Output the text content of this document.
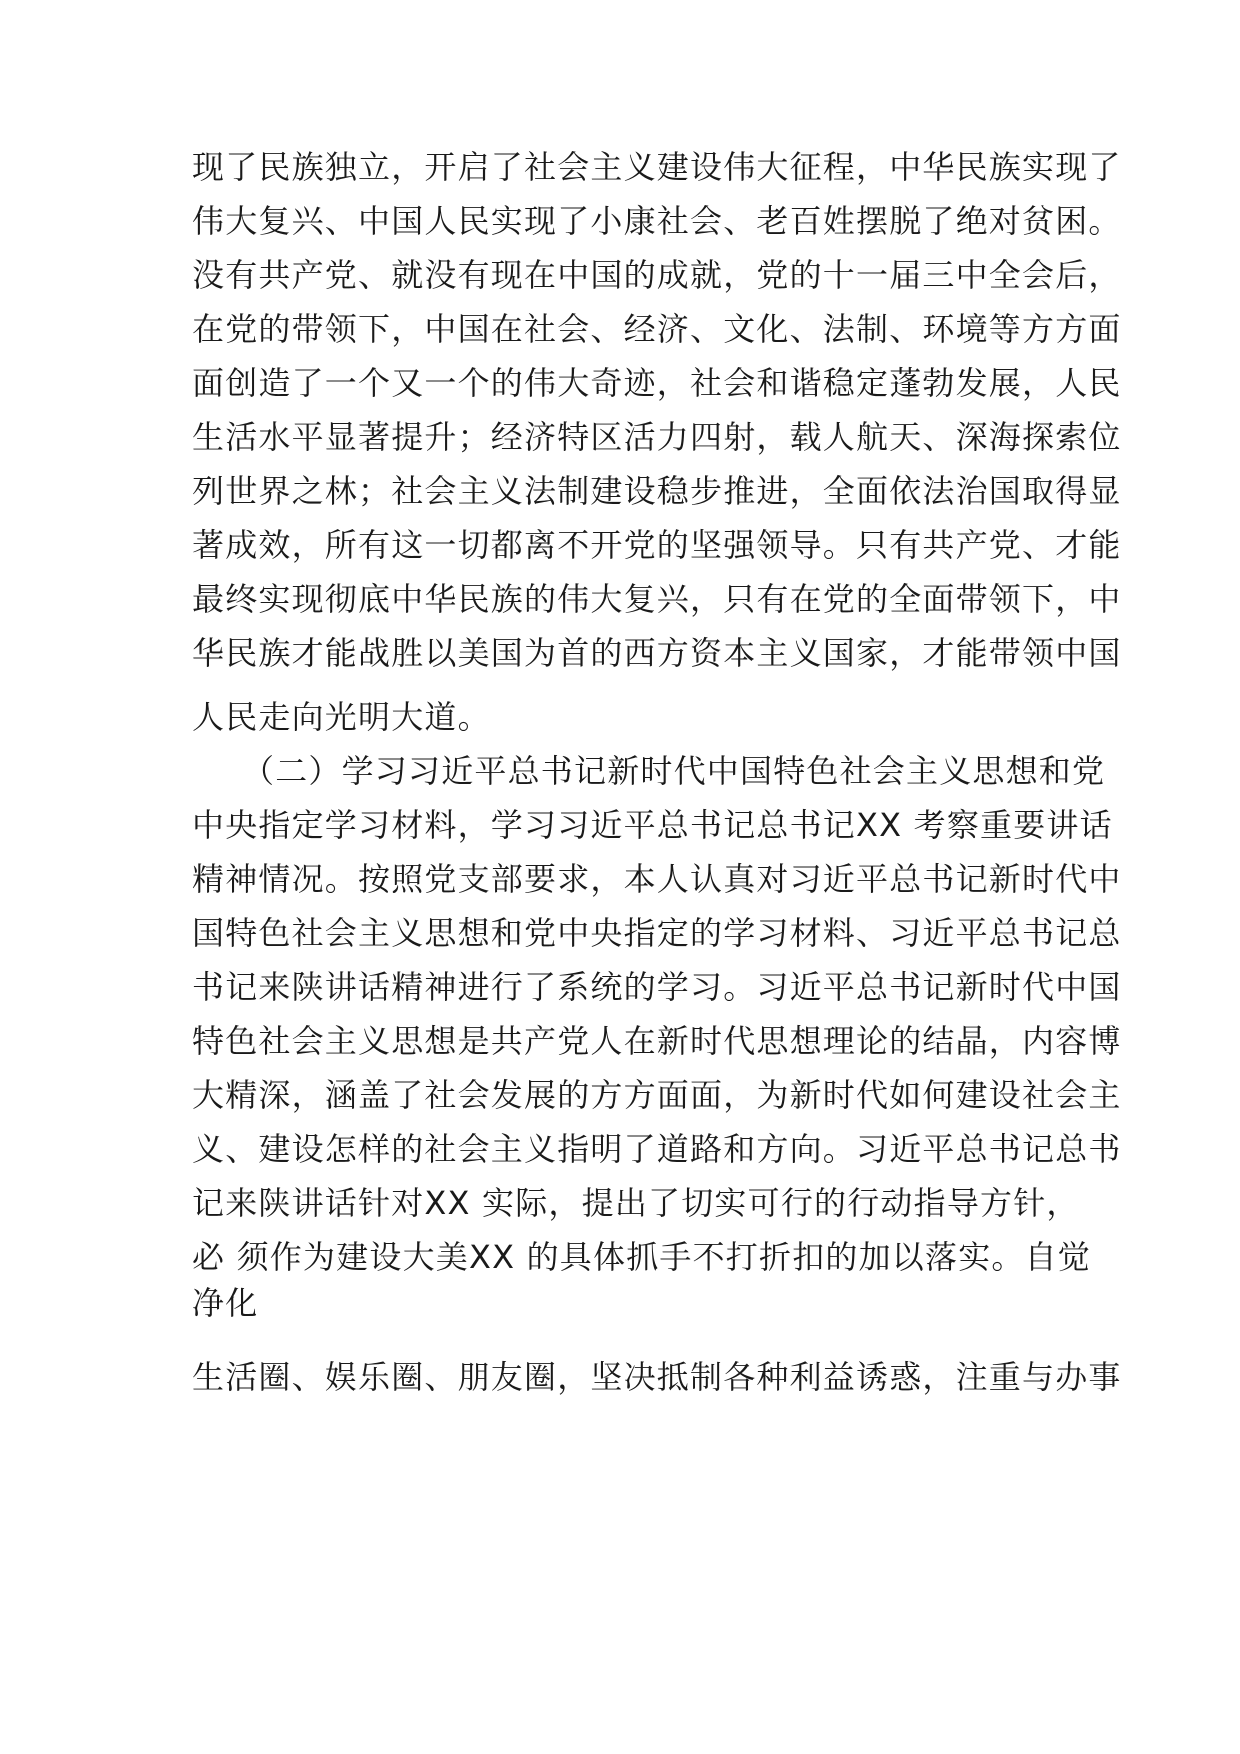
现了民族独立，开启了社会主义建设伟大征程，中华民族实现了
伟大复兴、中国人民实现了小康社会、老百姓摆脱了绝对贫困。
没有共产党、就没有现在中国的成就，党的十一届三中全会后，
在党的带领下，中国在社会、经济、文化、法制、环境等方方面
面创造了一个又一个的伟大奇迹，社会和谐稳定蓬勃发展，人民
生活水平显著提升；经济特区活力四射，载人航天、深海探索位
列世界之林；社会主义法制建设稳步推进，全面依法治国取得显
著成效，所有这一切都离不开党的坚强领导。只有共产党、才能
最终实现彻底中华民族的伟大复兴，只有在党的全面带领下，中
华民族才能战胜以美国为首的西方资本主义国家，才能带领中国
人民走向光明大道。
（二）学习习近平总书记新时代中国特色社会主义思想和党
中央指定学习材料，学习习近平总书记总书记XX 考察重要讲话
精神情况。按照党支部要求，本人认真对习近平总书记新时代中
国特色社会主义思想和党中央指定的学习材料、习近平总书记总
书记来陕讲话精神进行了系统的学习。习近平总书记新时代中国
特色社会主义思想是共产党人在新时代思想理论的结晶，内容博
大精深，涵盖了社会发展的方方面面，为新时代如何建设社会主
义、建设怎样的社会主义指明了道路和方向。习近平总书记总书
记来陕讲话针对XX 实际，提出了切实可行的行动指导方针，
必 须作为建设大美XX 的具体抓手不打折扣的加以落实。自觉
净化
生活圈、娱乐圈、朋友圈，坚决抵制各种利益诱惑，注重与办事
